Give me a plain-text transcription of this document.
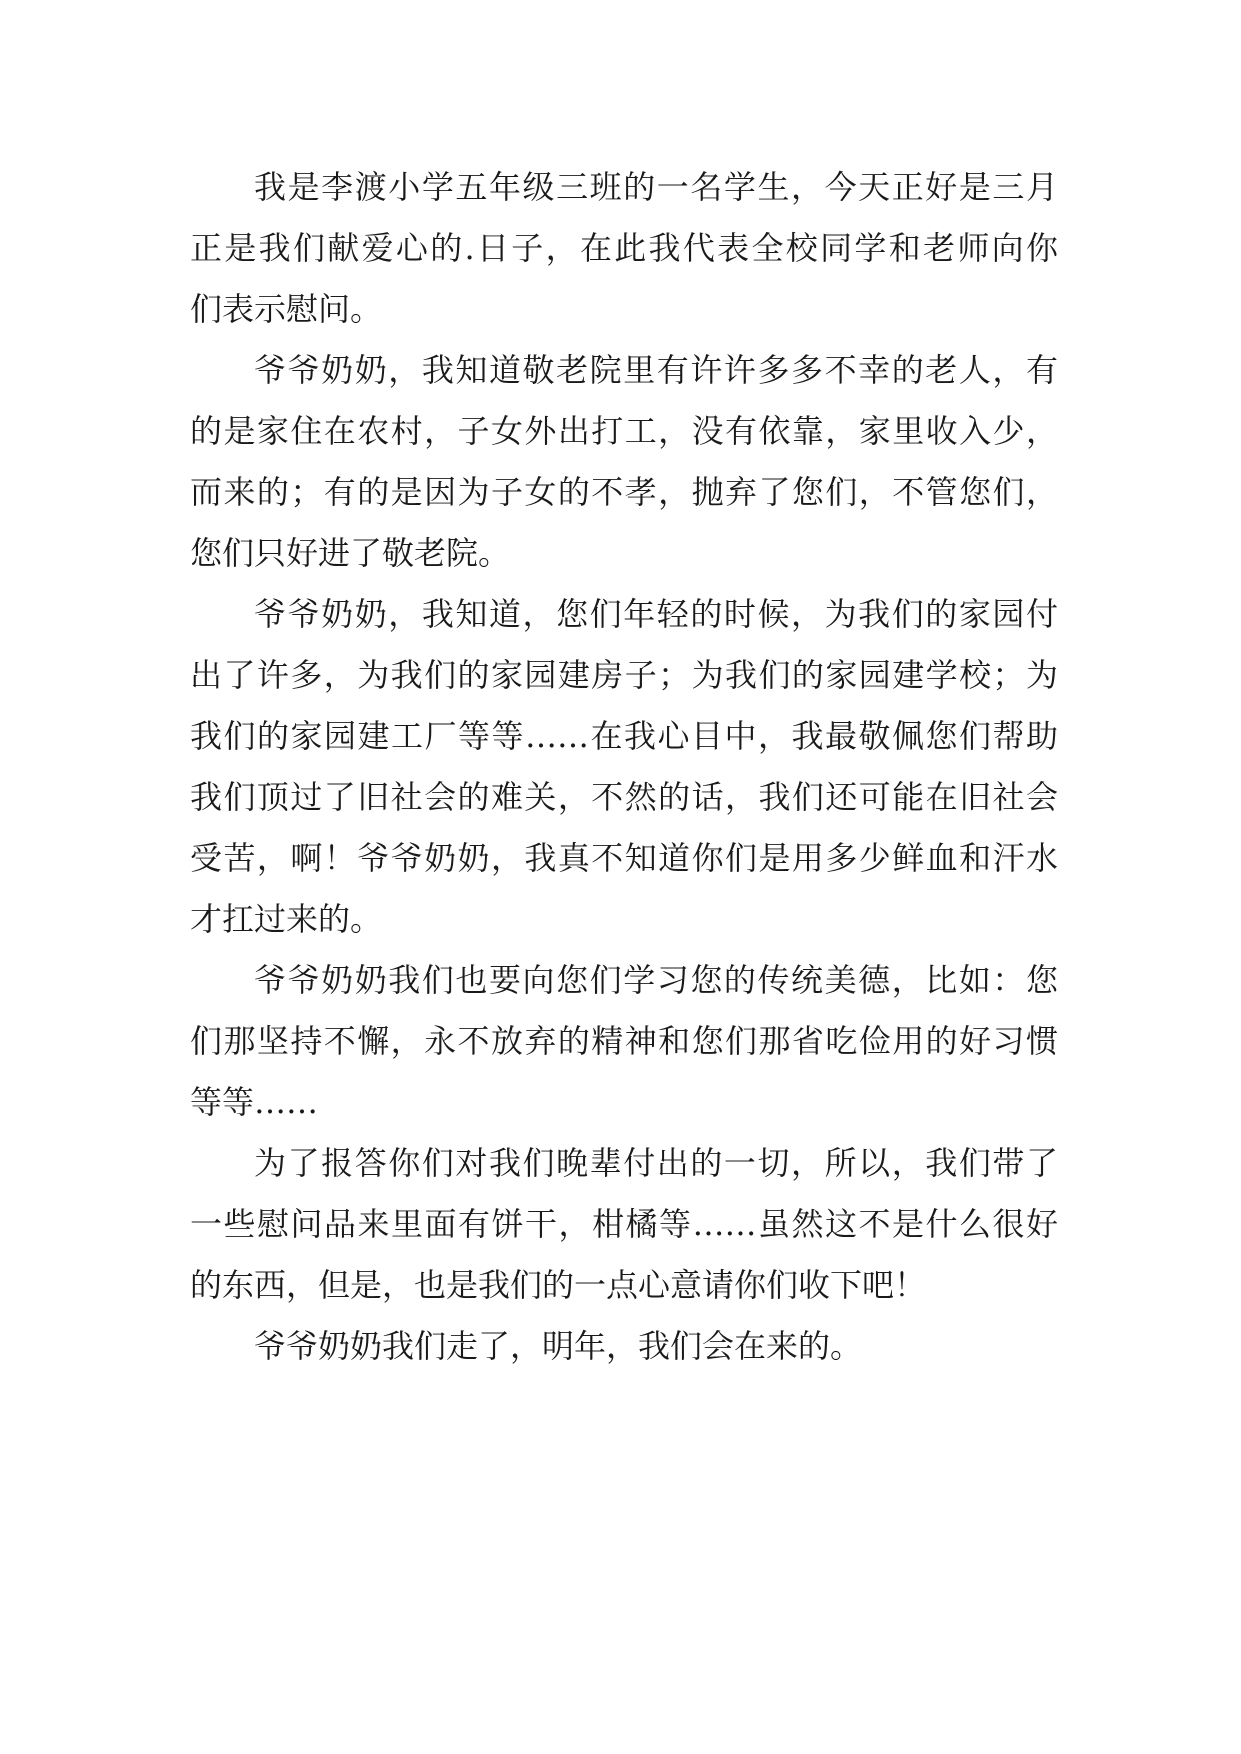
我是李渡小学五年级三班的一名学生，今天正好是三月
正是我们献爱心的.日子，在此我代表全校同学和老师向你
们表示慰问。

爷爷奶奶，我知道敬老院里有许许多多不幸的老人，有
的是家住在农村，子女外出打工，没有依靠，家里收入少，
而来的；有的是因为子女的不孝，抛弃了您们，不管您们，
您们只好进了敬老院。

爷爷奶奶，我知道，您们年轻的时候，为我们的家园付
出了许多，为我们的家园建房子；为我们的家园建学校；为
我们的家园建工厂等等……在我心目中，我最敬佩您们帮助
我们顶过了旧社会的难关，不然的话，我们还可能在旧社会
受苦，啊！爷爷奶奶，我真不知道你们是用多少鲜血和汗水
才扛过来的。

爷爷奶奶我们也要向您们学习您的传统美德，比如：您
们那坚持不懈，永不放弃的精神和您们那省吃俭用的好习惯
等等……

为了报答你们对我们晚辈付出的一切，所以，我们带了
一些慰问品来里面有饼干，柑橘等……虽然这不是什么很好
的东西，但是，也是我们的一点心意请你们收下吧！

爷爷奶奶我们走了，明年，我们会在来的。
